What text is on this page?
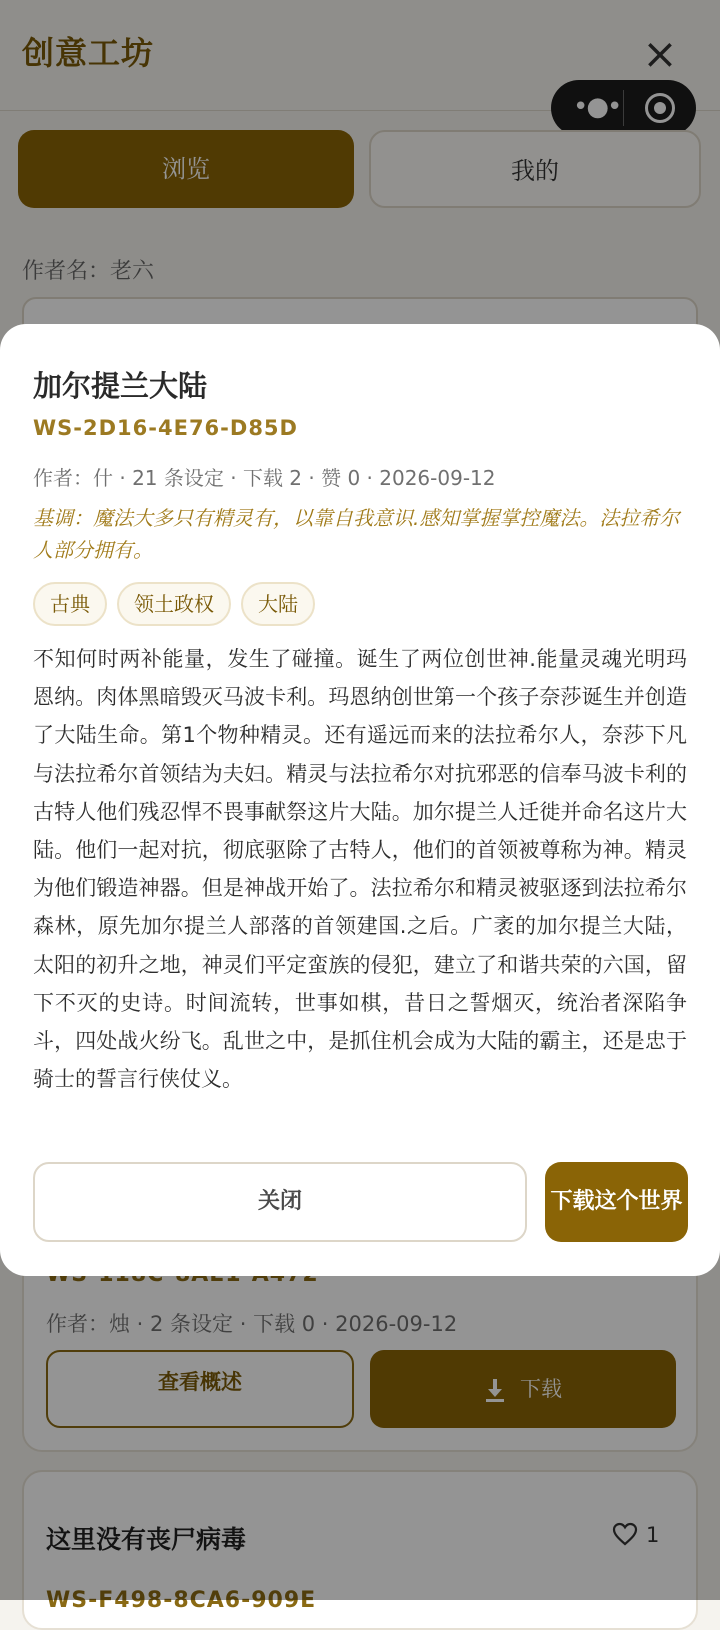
创意工坊	×
•●•
浏览	我的
作者名：老六
作者：烛 · 2 条设定 · 下载 0 · 2026-09-12
查看概述	下载
这里没有丧尸病毒	1
WS-F498-8CA6-909E
加尔提兰大陆
WS-2D16-4E76-D85D
作者：什 · 21 条设定 · 下载 2 · 赞 0 · 2026-09-12
基调：魔法大多只有精灵有，以靠自我意识.感知掌握掌控魔法。法拉希尔人部分拥有。
古典	领土政权	大陆
不知何时两补能量，发生了碰撞。诞生了两位创世神.能量灵魂光明玛恩纳。肉体黑暗毁灭马波卡利。玛恩纳创世第一个孩子奈莎诞生并创造了大陆生命。第1个物种精灵。还有遥远而来的法拉希尔人，奈莎下凡与法拉希尔首领结为夫妇。精灵与法拉希尔对抗邪恶的信奉马波卡利的古特人他们残忍悍不畏事献祭这片大陆。加尔提兰人迁徙并命名这片大陆。他们一起对抗，彻底驱除了古特人，他们的首领被尊称为神。精灵为他们锻造神器。但是神战开始了。法拉希尔和精灵被驱逐到法拉希尔森林，原先加尔提兰人部落的首领建国.之后。广袤的加尔提兰大陆，太阳的初升之地，神灵们平定蛮族的侵犯，建立了和谐共荣的六国，留下不灭的史诗。时间流转，世事如棋，昔日之誓烟灭，统治者深陷争斗，四处战火纷飞。乱世之中，是抓住机会成为大陆的霸主，还是忠于骑士的誓言行侠仗义。
关闭	下载这个世界
